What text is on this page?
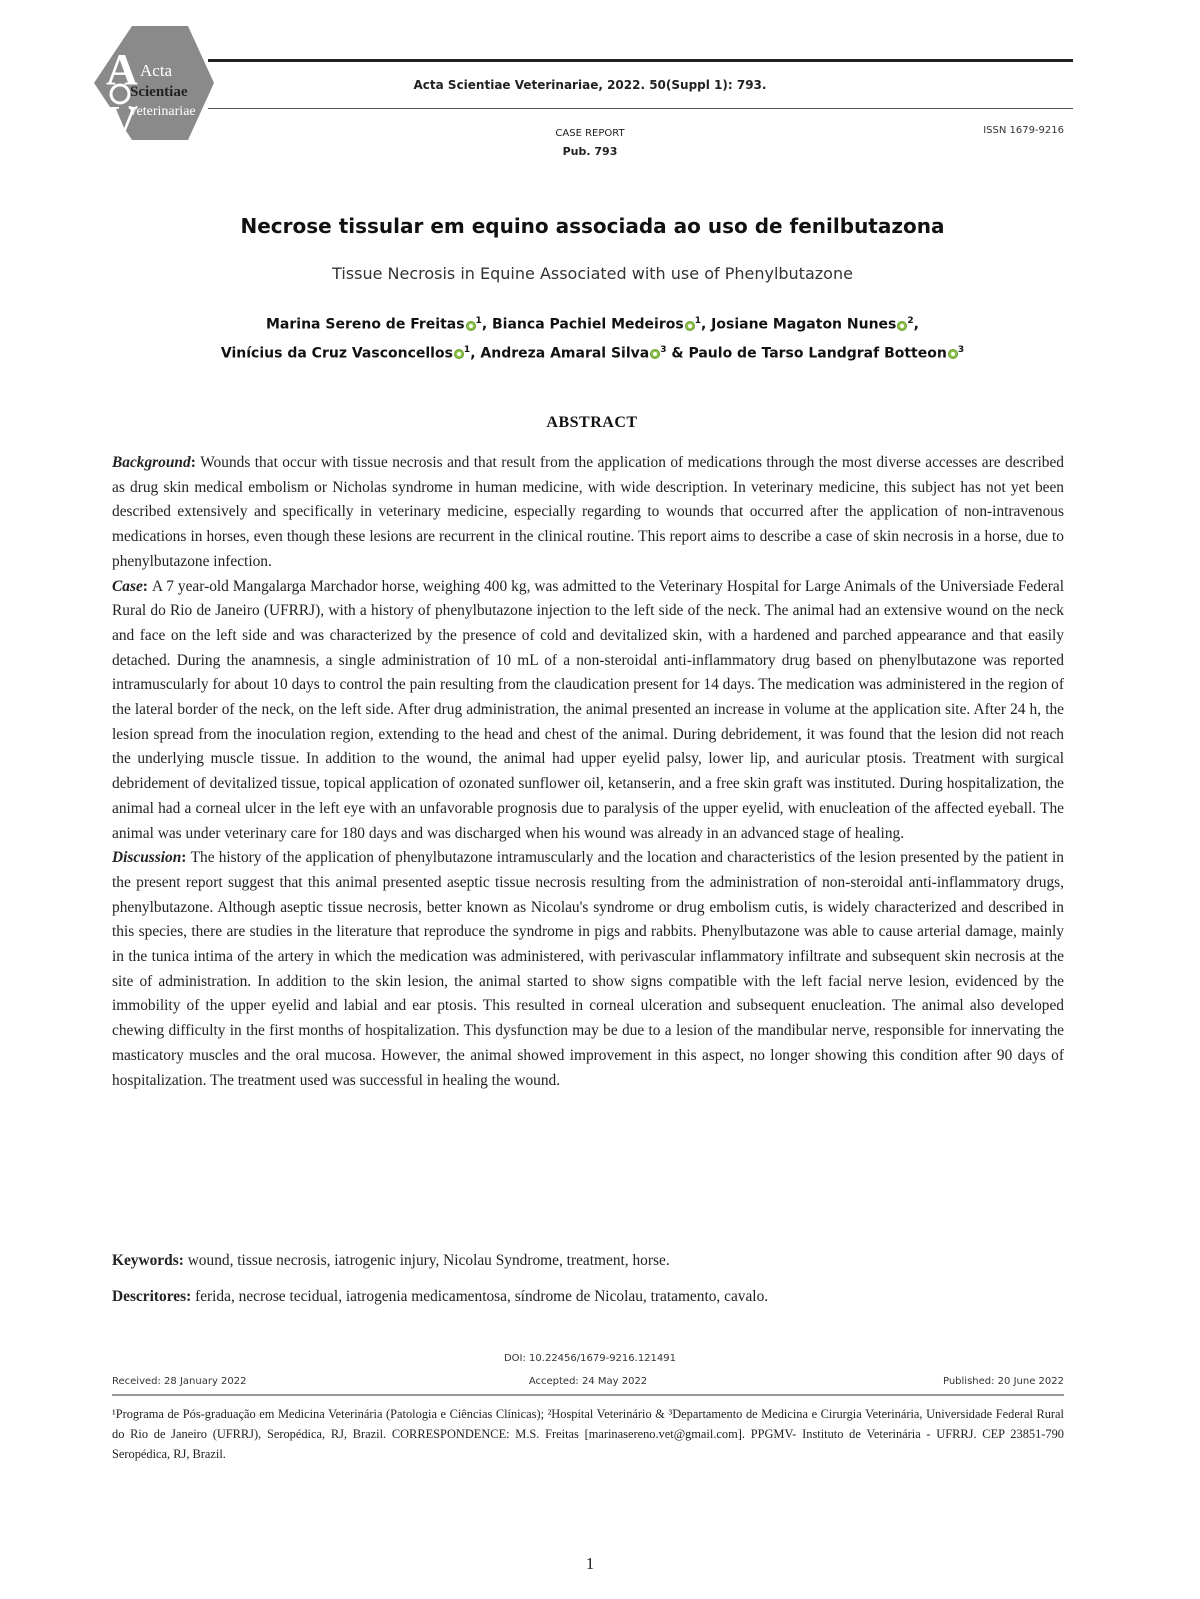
A
V
Acta
Scientiae
Veterinariae
Acta Scientiae Veterinariae, 2022. 50(Suppl 1): 793.
CASE REPORT
Pub. 793
ISSN 1679-9216
Necrose tissular em equino associada ao uso de fenilbutazona
Tissue Necrosis in Equine Associated with use of Phenylbutazone
Marina Sereno de Freitas $^1$, Bianca Pachiel Medeiros $^1$, Josiane Magaton Nunes $^2$,
Vinícius da Cruz Vasconcellos $^1$, Andreza Amaral Silva $^3$ & Paulo de Tarso Landgraf Botteon $^3$
ABSTRACT

Background: Wounds that occur with tissue necrosis and that result from the application of medications through the most diverse accesses are described as drug skin medical embolism or Nicholas syndrome in human medicine, with wide description. In veterinary medicine, this subject has not yet been described extensively and specifically in veterinary medicine, especially regarding to wounds that occurred after the application of non-intravenous medications in horses, even though these lesions are recurrent in the clinical routine. This report aims to describe a case of skin necrosis in a horse, due to phenylbutazone infection.

Case: A 7 year-old Mangalarga Marchador horse, weighing 400 kg, was admitted to the Veterinary Hospital for Large Animals of the Universiade Federal Rural do Rio de Janeiro (UFRRJ), with a history of phenylbutazone injection to the left side of the neck. The animal had an extensive wound on the neck and face on the left side and was characterized by the presence of cold and devitalized skin, with a hardened and parched appearance and that easily detached. During the anamnesis, a single administration of 10 mL of a non-steroidal anti-inflammatory drug based on phenylbutazone was reported intramuscularly for about 10 days to control the pain resulting from the claudication present for 14 days. The medication was administered in the region of the lateral border of the neck, on the left side. After drug administration, the animal presented an increase in volume at the application site. After 24 h, the lesion spread from the inoculation region, extending to the head and chest of the animal. During debridement, it was found that the lesion did not reach the underlying muscle tissue. In addition to the wound, the animal had upper eyelid palsy, lower lip, and auricular ptosis. Treatment with surgical debridement of devitalized tissue, topical application of ozonated sunflower oil, ketanserin, and a free skin graft was instituted. During hospitalization, the animal had a corneal ulcer in the left eye with an unfavorable prognosis due to paralysis of the upper eyelid, with enucleation of the affected eyeball. The animal was under veterinary care for 180 days and was discharged when his wound was already in an advanced stage of healing.

Discussion: The history of the application of phenylbutazone intramuscularly and the location and characteristics of the lesion presented by the patient in the present report suggest that this animal presented aseptic tissue necrosis resulting from the administration of non-steroidal anti-inflammatory drugs, phenylbutazone. Although aseptic tissue necrosis, better known as Nicolau's syndrome or drug embolism cutis, is widely characterized and described in this species, there are studies in the literature that reproduce the syndrome in pigs and rabbits. Phenylbutazone was able to cause arterial damage, mainly in the tunica intima of the artery in which the medication was administered, with perivascular inflammatory infiltrate and subsequent skin necrosis at the site of administration. In addition to the skin lesion, the animal started to show signs compatible with the left facial nerve lesion, evidenced by the immobility of the upper eyelid and labial and ear ptosis. This resulted in corneal ulceration and subsequent enucleation. The animal also developed chewing difficulty in the first months of hospitalization. This dysfunction may be due to a lesion of the mandibular nerve, responsible for innervating the masticatory muscles and the oral mucosa. However, the animal showed improvement in this aspect, no longer showing this condition after 90 days of hospitalization. The treatment used was successful in healing the wound.

Keywords: wound, tissue necrosis, iatrogenic injury, Nicolau Syndrome, treatment, horse.
Descritores: ferida, necrose tecidual, iatrogenia medicamentosa, síndrome de Nicolau, tratamento, cavalo.
DOI: 10.22456/1679-9216.121491
Received: 28 January 2022	Accepted: 24 May 2022	Published: 20 June 2022
¹Programa de Pós-graduação em Medicina Veterinária (Patologia e Ciências Clínicas); ²Hospital Veterinário & ³Departamento de Medicina e Cirurgia Veterinária, Universidade Federal Rural do Rio de Janeiro (UFRRJ), Seropédica, RJ, Brazil. CORRESPONDENCE: M.S. Freitas [marinasereno.vet@gmail.com]. PPGMV- Instituto de Veterinária - UFRRJ. CEP 23851-790 Seropédica, RJ, Brazil.
1
